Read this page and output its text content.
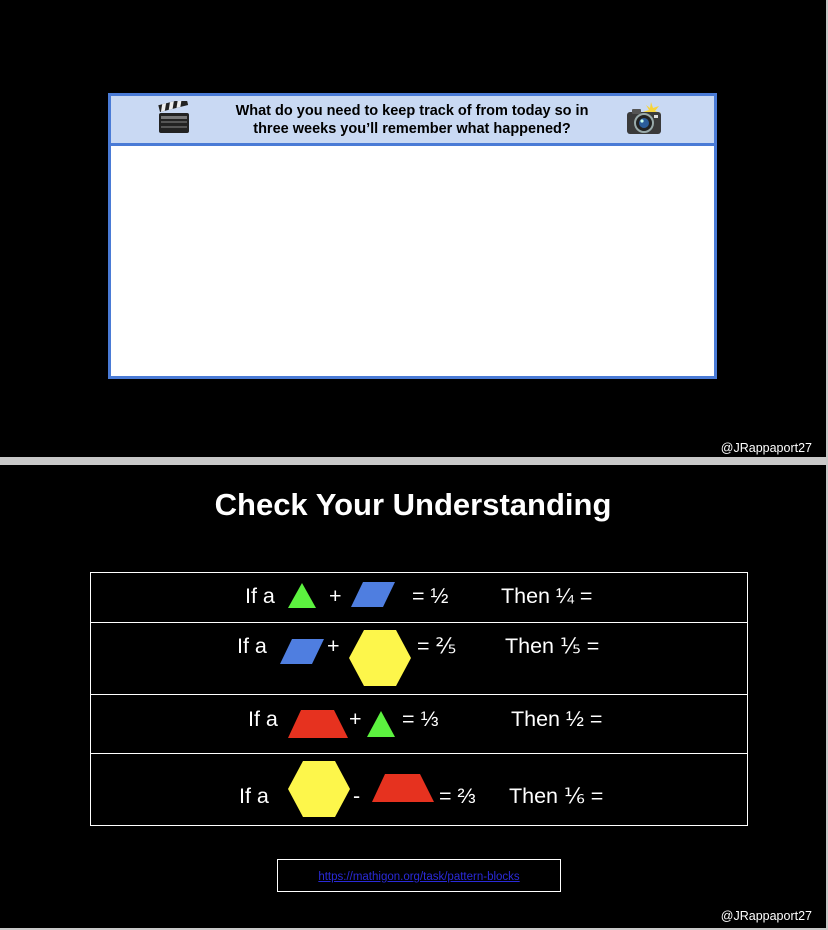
What do you need to keep track of from today so in
three weeks you’ll remember what happened?
@JRappaport27
Check Your Understanding
If a	+	= ½ Then ¼ =
If a	+	= ⅖ Then ⅕ =
If a	+ = ⅓	Then ½ =
If a	-	= ⅔ Then ⅙ =
https://mathigon.org/task/pattern-blocks
@JRappaport27
